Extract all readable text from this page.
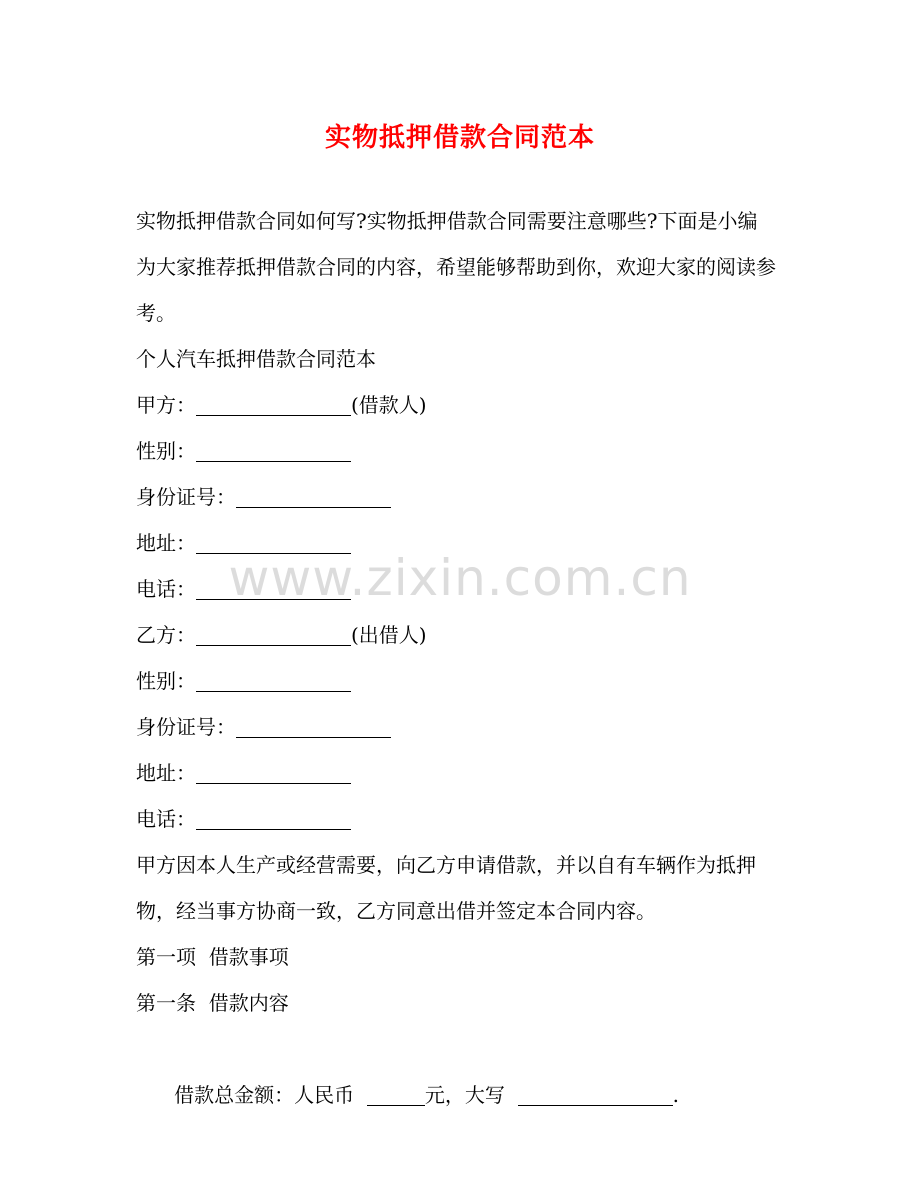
实物抵押借款合同范本

实物抵押借款合同如何写?实物抵押借款合同需要注意哪些?下面是小编为大家推荐抵押借款合同的内容，希望能够帮助到你，欢迎大家的阅读参考。

个人汽车抵押借款合同范本
甲方：	(借款人)
性别：
身份证号：
地址：
电话：
乙方：	(出借人)
性别：
身份证号：
地址：
电话：

甲方因本人生产或经营需要，向乙方申请借款，并以自有车辆作为抵押物，经当事方协商一致，乙方同意出借并签定本合同内容。

第一项  借款事项
第一条  借款内容

借款总金额：人民币	元，大写	.

www.zixin.com.cn
